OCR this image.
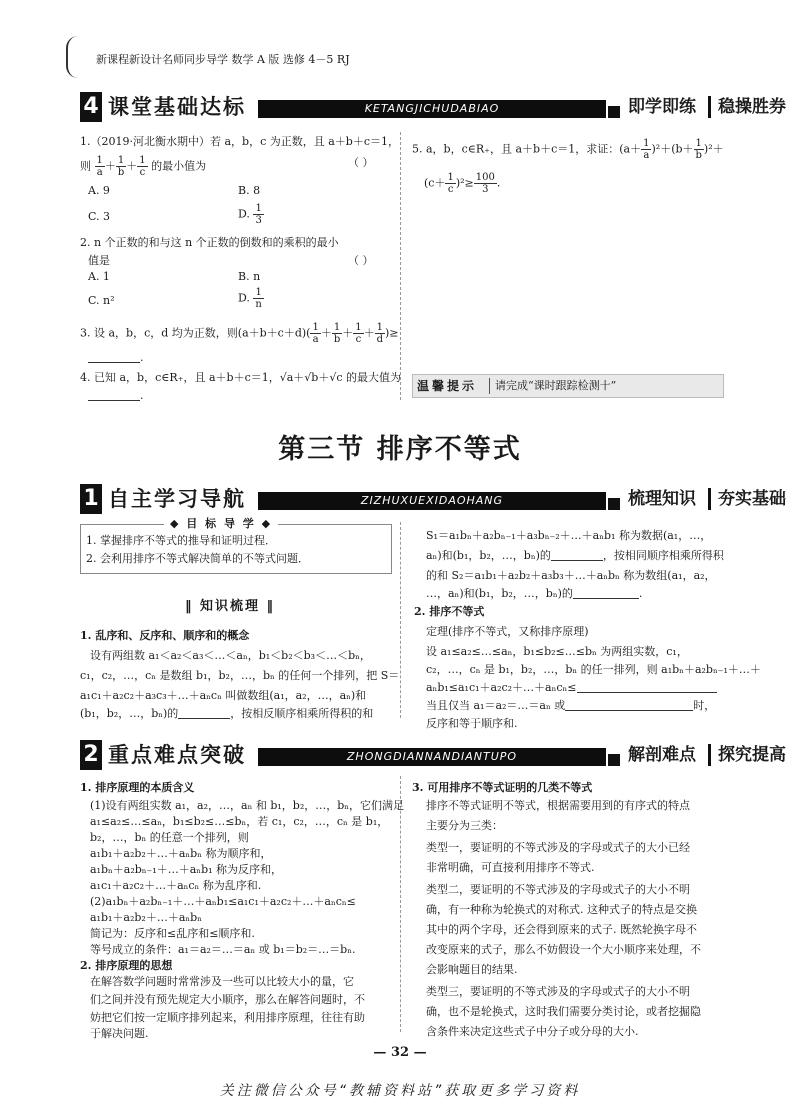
新课程新设计名师同步导学 数学 A 版 选修 4－5 RJ
4 课堂基础达标	KETANGJICHUDABIAO	即学即练 稳操胜券
1.（2019·河北衡水期中）若 a，b，c 为正数，且 a＋b＋c＝1，
则 $\frac{1}{a} + \frac{1}{b} + \frac{1}{c}$ 的最小值为	（ ）
A. 9	B. 8
C. 3	D. $\frac{1}{3}$
2. n 个正数的和与这 n 个正数的倒数和的乘积的最小
值是	（ ）
A. 1	B. n
C. n²	D. $\frac{1}{n}$
3. 设 a，b，c，d 均为正数，则$(a+b+c+d)( \frac{1}{a} + \frac{1}{b} + \frac{1}{c} + \frac{1}{d}$ )≥
.
4. 已知 a，b，c∈R₊，且 a＋b＋c＝1，√a＋√b＋√c 的最大值为
.
5. a，b，c∈R₊，且 a＋b＋c＝1，求证：$(a+ \frac{1}{a} )^2+(b+ \frac{1}{b} )^2+$
$(c+ \frac{1}{c} )^2\ge \frac{100}{3}$ .
温馨提示 请完成“课时跟踪检测十”
第三节 排序不等式
1 自主学习导航	ZIZHUXUEXIDAOHANG	梳理知识 夯实基础
◆ 目 标 导 学 ◆
1. 掌握排序不等式的推导和证明过程．
2. 会利用排序不等式解决简单的不等式问题．
‖ 知识梳理 ‖
1. 乱序和、反序和、顺序和的概念
设有两组数 a₁＜a₂＜a₃＜…＜aₙ，b₁＜b₂＜b₃＜…＜bₙ，
c₁，c₂，…，cₙ 是数组 b₁，b₂，…，bₙ 的任何一个排列，把 S＝
a₁c₁＋a₂c₂＋a₃c₃＋…＋aₙcₙ 叫做数组(a₁，a₂，…，aₙ)和
(b₁，b₂，…，bₙ)的	，按相反顺序相乘所得积的和
S₁＝a₁bₙ＋a₂bₙ₋₁＋a₃bₙ₋₂＋…＋aₙb₁ 称为数据(a₁，…，
aₙ)和(b₁，b₂，…，bₙ)的	，按相同顺序相乘所得积
的和 S₂＝a₁b₁＋a₂b₂＋a₃b₃＋…＋aₙbₙ 称为数组(a₁，a₂，
…，aₙ)和(b₁，b₂，…，bₙ)的	.
2. 排序不等式
定理(排序不等式，又称排序原理)
设 a₁≤a₂≤…≤aₙ，b₁≤b₂≤…≤bₙ 为两组实数，c₁，
c₂，…，cₙ 是 b₁，b₂，…，bₙ 的任一排列，则 a₁bₙ＋a₂bₙ₋₁＋…＋
aₙb₁≤a₁c₁＋a₂c₂＋…＋aₙcₙ≤
当且仅当 a₁＝a₂＝…＝aₙ 或	时，
反序和等于顺序和.
2 重点难点突破	ZHONGDIANNANDIANTUPO	解剖难点 探究提高
1. 排序原理的本质含义
(1)设有两组实数 a₁，a₂，…，aₙ 和 b₁，b₂，…，bₙ，它们满足
a₁≤a₂≤…≤aₙ，b₁≤b₂≤…≤bₙ，若 c₁，c₂，…，cₙ 是 b₁，
b₂，…，bₙ 的任意一个排列，则
a₁b₁＋a₂b₂＋…＋aₙbₙ 称为顺序和，
a₁bₙ＋a₂bₙ₋₁＋…＋aₙb₁ 称为反序和，
a₁c₁＋a₂c₂＋…＋aₙcₙ 称为乱序和.
(2)a₁bₙ＋a₂bₙ₋₁＋…＋aₙb₁≤a₁c₁＋a₂c₂＋…＋aₙcₙ≤
a₁b₁＋a₂b₂＋…＋aₙbₙ
简记为：反序和≤乱序和≤顺序和.
等号成立的条件：a₁＝a₂＝…＝aₙ 或 b₁＝b₂＝…＝bₙ.
2. 排序原理的思想
在解答数学问题时常常涉及一些可以比较大小的量，它
们之间并没有预先规定大小顺序，那么在解答问题时，不
妨把它们按一定顺序排列起来，利用排序原理，往往有助
于解决问题.
3. 可用排序不等式证明的几类不等式
排序不等式证明不等式，根据需要用到的有序式的特点
主要分为三类：
类型一，要证明的不等式涉及的字母或式子的大小已经
非常明确，可直接利用排序不等式.
类型二，要证明的不等式涉及的字母或式子的大小不明
确，有一种称为轮换式的对称式. 这种式子的特点是交换
其中的两个字母，还会得到原来的式子. 既然轮换字母不
改变原来的式子，那么不妨假设一个大小顺序来处理，不
会影响题目的结果.
类型三，要证明的不等式涉及的字母或式子的大小不明
确，也不是轮换式，这时我们需要分类讨论，或者挖掘隐
含条件来决定这些式子中分子或分母的大小.
— 32 —
关注微信公众号“教辅资料站”获取更多学习资料
